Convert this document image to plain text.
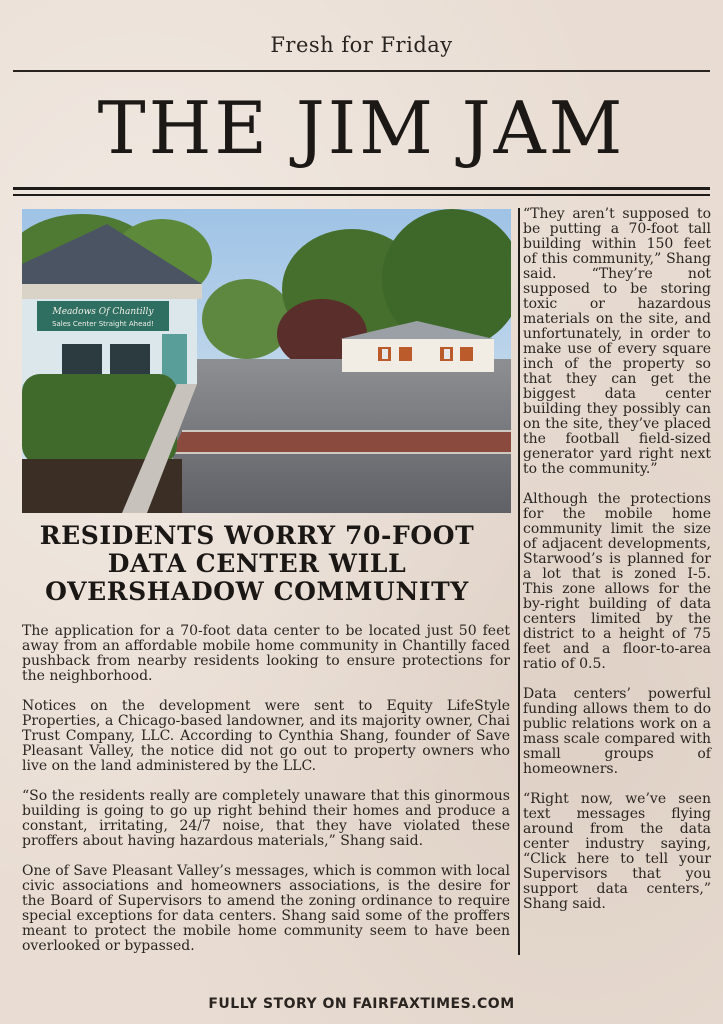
Fresh for Friday
THE JIM JAM
Meadows Of Chantilly
Sales Center Straight Ahead!
RESIDENTS WORRY 70-FOOT DATA CENTER WILL OVERSHADOW COMMUNITY

The application for a 70-foot data center to be located just 50 feet away from an affordable mobile home community in Chantilly faced pushback from nearby residents looking to ensure protections for the neighborhood.

Notices on the development were sent to Equity LifeStyle Properties, a Chicago-based landowner, and its majority owner, Chai Trust Company, LLC. According to Cynthia Shang, founder of Save Pleasant Valley, the notice did not go out to property owners who live on the land administered by the LLC.

“So the residents really are completely unaware that this ginormous building is going to go up right behind their homes and produce a constant, irritating, 24/7 noise, that they have violated these proffers about having hazardous materials,” Shang said.

One of Save Pleasant Valley’s messages, which is common with local civic associations and homeowners associations, is the desire for the Board of Supervisors to amend the zoning ordinance to require special exceptions for data centers. Shang said some of the proffers meant to protect the mobile home community seem to have been overlooked or bypassed.

“They aren’t supposed to be putting a 70-foot tall building within 150 feet of this community,” Shang said. “They’re not supposed to be storing toxic or hazardous materials on the site, and unfortunately, in order to make use of every square inch of the property so that they can get the biggest data center building they possibly can on the site, they’ve placed the football field-sized generator yard right next to the community.”

Although the protections for the mobile home community limit the size of adjacent developments, Starwood’s is planned for a lot that is zoned I-5. This zone allows for the by-right building of data centers limited by the district to a height of 75 feet and a floor-to-area ratio of 0.5.

Data centers’ powerful funding allows them to do public relations work on a mass scale compared with small groups of homeowners.

“Right now, we’ve seen text messages flying around from the data center industry saying, “Click here to tell your Supervisors that you support data centers,” Shang said.

FULLY STORY ON FAIRFAXTIMES.COM
